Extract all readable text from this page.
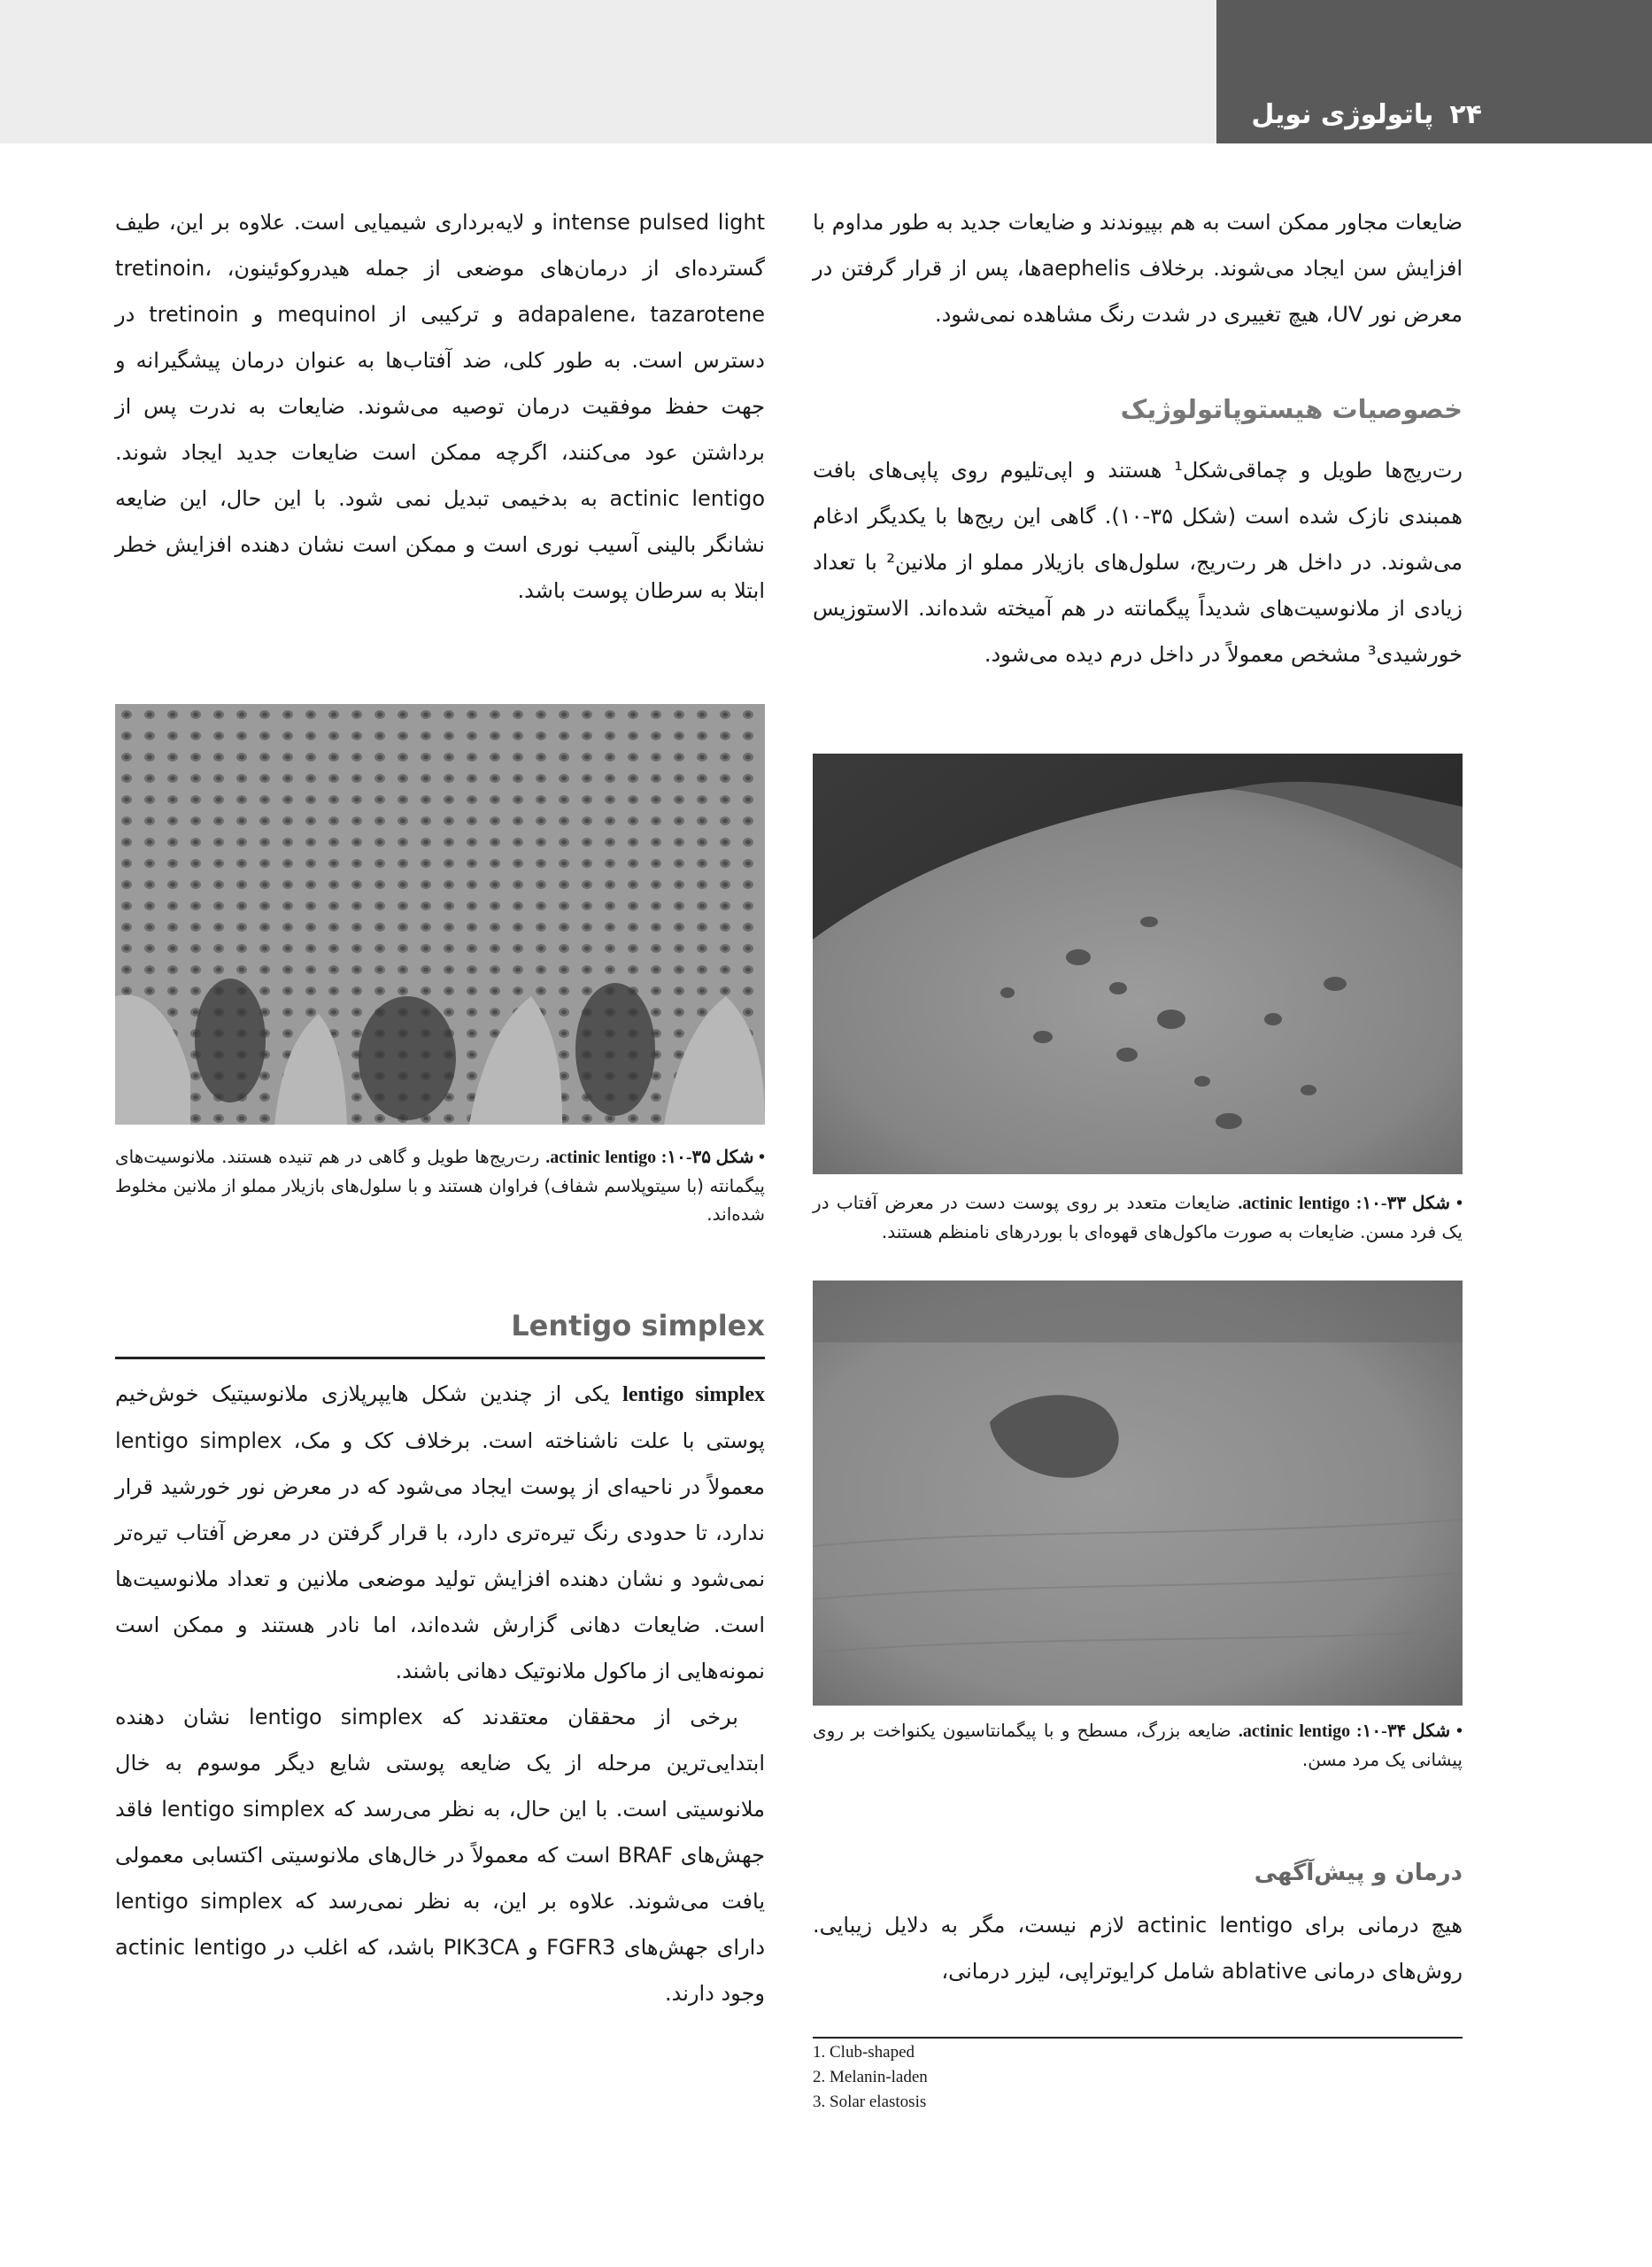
۲۴پاتولوژی نویل

ضایعات مجاور ممکن است به هم بپیوندند و ضایعات جدید به طور مداوم با افزایش سن ایجاد می‌شوند. برخلاف aephelisها، پس از قرار گرفتن در معرض نور UV، هیچ تغییری در شدت رنگ مشاهده نمی‌شود.

خصوصیات هیستوپاتولوژیک

رت‌ریج‌ها طویل و چماقی‌شکل¹ هستند و اپی‌تلیوم روی پاپی‌های بافت همبندی نازک شده است (شکل ۳۵-۱۰). گاهی این ریج‌ها با یکدیگر ادغام می‌شوند. در داخل هر رت‌ریج، سلول‌های بازیلار مملو از ملانین² با تعداد زیادی از ملانوسیت‌های شدیداً پیگمانته در هم آمیخته شده‌اند. الاستوزیس خورشیدی³ مشخص معمولاً در داخل درم دیده می‌شود.

• شکل ۳۳-۱۰: actinic lentigo. ضایعات متعدد بر روی پوست دست در معرض آفتاب در یک فرد مسن. ضایعات به صورت ماکول‌های قهوه‌ای با بوردرهای نامنظم هستند.
• شکل ۳۴-۱۰: actinic lentigo. ضایعه بزرگ، مسطح و با پیگمانتاسیون یکنواخت بر روی پیشانی یک مرد مسن.

درمان و پیش‌آگهی

هیچ درمانی برای actinic lentigo لازم نیست، مگر به دلایل زیبایی. روش‌های درمانی ablative شامل کرایوتراپی، لیزر درمانی،

1. Club-shaped
2. Melanin-laden
3. Solar elastosis

intense pulsed light و لایه‌برداری شیمیایی است. علاوه بر این، طیف گسترده‌ای از درمان‌های موضعی از جمله هیدروکوئینون، tretinoin، adapalene، tazarotene و ترکیبی از mequinol و tretinoin در دسترس است. به طور کلی، ضد آفتاب‌ها به عنوان درمان پیشگیرانه و جهت حفظ موفقیت درمان توصیه می‌شوند. ضایعات به ندرت پس از برداشتن عود می‌کنند، اگرچه ممکن است ضایعات جدید ایجاد شوند. actinic lentigo به بدخیمی تبدیل نمی شود. با این حال، این ضایعه نشانگر بالینی آسیب نوری است و ممکن است نشان دهنده افزایش خطر ابتلا به سرطان پوست باشد.

• شکل ۳۵-۱۰: actinic lentigo. رت‌ریج‌ها طویل و گاهی در هم تنیده هستند. ملانوسیت‌های پیگمانته (با سیتوپلاسم شفاف) فراوان هستند و با سلول‌های بازیلار مملو از ملانین مخلوط شده‌اند.
Lentigo simplex

lentigo simplex یکی از چندین شکل هایپرپلازی ملانوسیتیک خوش‌خیم پوستی با علت ناشناخته است. برخلاف کک و مک، lentigo simplex معمولاً در ناحیه‌ای از پوست ایجاد می‌شود که در معرض نور خورشید قرار ندارد، تا حدودی رنگ تیره‌تری دارد، با قرار گرفتن در معرض آفتاب تیره‌تر نمی‌شود و نشان دهنده افزایش تولید موضعی ملانین و تعداد ملانوسیت‌ها است. ضایعات دهانی گزارش شده‌اند، اما نادر هستند و ممکن است نمونه‌هایی از ماکول ملانوتیک دهانی باشند.

برخی از محققان معتقدند که lentigo simplex نشان دهنده ابتدایی‌ترین مرحله از یک ضایعه پوستی شایع دیگر موسوم به خال ملانوسیتی است. با این حال، به نظر می‌رسد که lentigo simplex فاقد جهش‌های BRAF است که معمولاً در خال‌های ملانوسیتی اکتسابی معمولی یافت می‌شوند. علاوه بر این، به نظر نمی‌رسد که lentigo simplex دارای جهش‌های FGFR3 و PIK3CA باشد، که اغلب در actinic lentigo وجود دارند.
